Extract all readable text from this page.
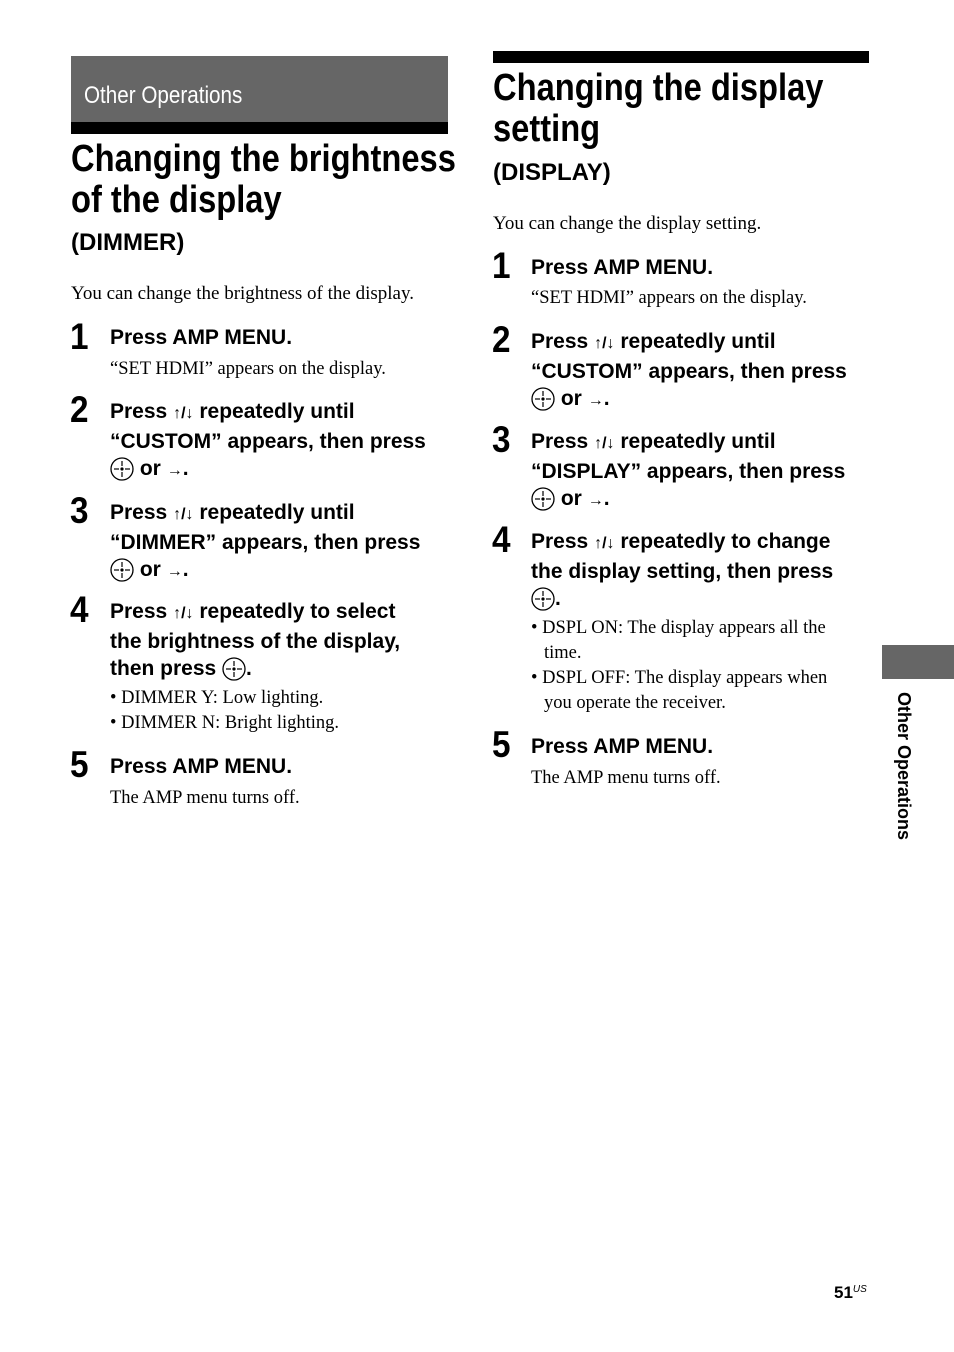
Other Operations
Changing the brightness
of the display
(DIMMER)
You can change the brightness of the display.
1 Press AMP MENU.
“SET HDMI” appears on the display.
2 Press ↑/↓ repeatedly until
“CUSTOM” appears, then press
or →.
3 Press ↑/↓ repeatedly until
“DIMMER” appears, then press
or →.
4 Press ↑/↓ repeatedly to select
the brightness of the display,
then press .
• DIMMER Y: Low lighting.
• DIMMER N: Bright lighting.
5 Press AMP MENU.
The AMP menu turns off.
Changing the display
setting
(DISPLAY)
You can change the display setting.
1 Press AMP MENU.
“SET HDMI” appears on the display.
2 Press ↑/↓ repeatedly until
“CUSTOM” appears, then press
or →.
3 Press ↑/↓ repeatedly until
“DISPLAY” appears, then press
or →.
4 Press ↑/↓ repeatedly to change
the display setting, then press
.
• DSPL ON: The display appears all the
time.
• DSPL OFF: The display appears when
you operate the receiver.
5 Press AMP MENU.
The AMP menu turns off.	Other Operations
$51^{US}$
